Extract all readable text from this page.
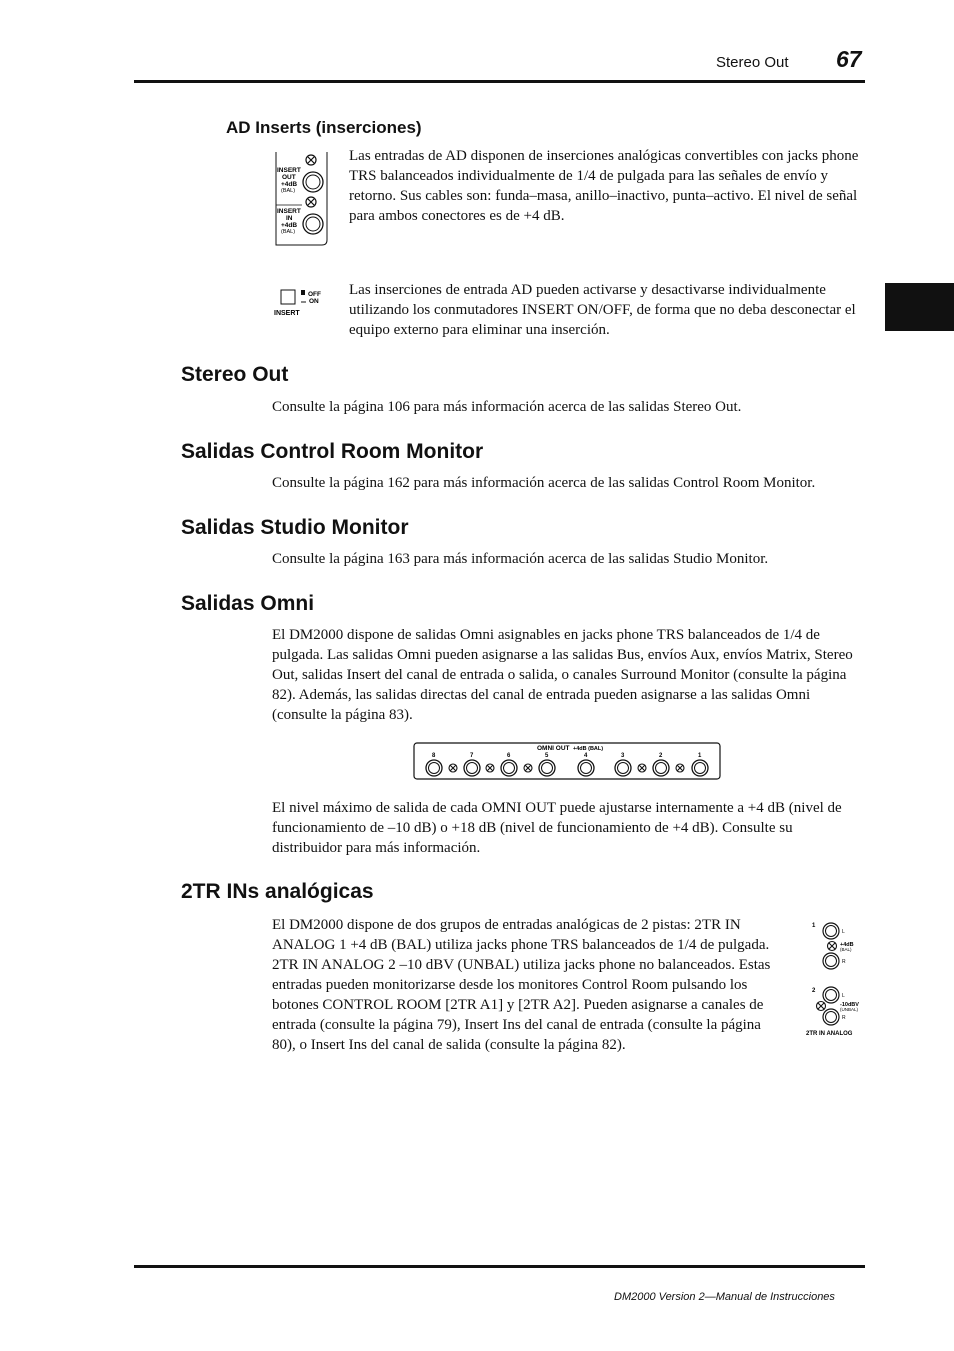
Stereo Out 67
AD Inserts (inserciones)
INSERT
OUT
+4dB
(BAL)
INSERT
IN
+4dB
(BAL)

Las entradas de AD disponen de inserciones analógicas convertibles con jacks phone TRS balanceados individualmente de 1/4 de pulgada para las señales de envío y retorno. Sus cables son: funda–masa, anillo–inactivo, punta–activo. El nivel de señal para ambos conectores es de +4 dB.

OFF
ON
INSERT

Las inserciones de entrada AD pueden activarse y desactivarse individualmente utilizando los conmutadores INSERT ON/OFF, de forma que no deba desconectar el equipo externo para eliminar una inserción.

Stereo Out

Consulte la página 106 para más información acerca de las salidas Stereo Out.

Salidas Control Room Monitor

Consulte la página 162 para más información acerca de las salidas Control Room Monitor.

Salidas Studio Monitor

Consulte la página 163 para más información acerca de las salidas Studio Monitor.

Salidas Omni

El DM2000 dispone de salidas Omni asignables en jacks phone TRS balanceados de 1/4 de pulgada. Las salidas Omni pueden asignarse a las salidas Bus, envíos Aux, envíos Matrix, Stereo Out, salidas Insert del canal de entrada o salida, o canales Surround Monitor (consulte la página 82). Además, las salidas directas del canal de entrada pueden asignarse a las salidas Omni (consulte la página 83).

OMNI OUT +4dB (BAL)
8	7	6	5	4	3	2	1

El nivel máximo de salida de cada OMNI OUT puede ajustarse internamente a +4 dB (nivel de funcionamiento de –10 dB) o +18 dB (nivel de funcionamiento de +4 dB). Consulte su distribuidor para más información.

2TR INs analógicas

El DM2000 dispone de dos grupos de entradas analógicas de 2 pistas: 2TR IN ANALOG 1 +4 dB (BAL) utiliza jacks phone TRS balanceados de 1/4 de pulgada. 2TR IN ANALOG 2 –10 dBV (UNBAL) utiliza jacks phone no balanceados. Estas entradas pueden monitorizarse desde los monitores Control Room pulsando los botones CONTROL ROOM [2TR A1] y [2TR A2]. Pueden asignarse a canales de entrada (consulte la página 79), Insert Ins del canal de entrada (consulte la página 80), o Insert Ins del canal de salida (consulte la página 82).

1
L
+4dB
(BAL)
R
2
L
-10dBV
(UNBAL)
R
2TR IN ANALOG
DM2000 Version 2—Manual de Instrucciones
